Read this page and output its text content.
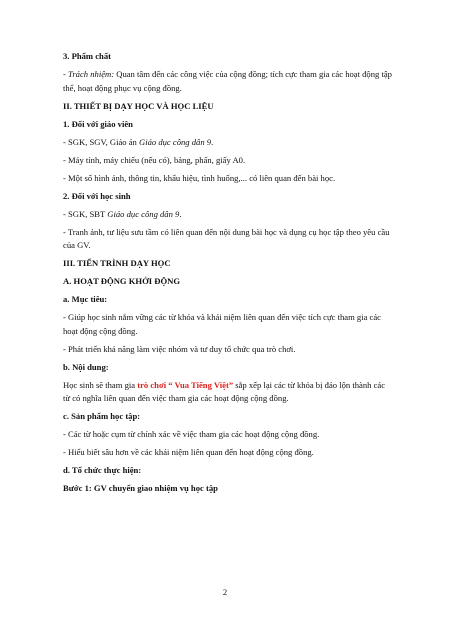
3. Phẩm chất

- Trách nhiệm: Quan tâm đến các công việc của cộng đồng; tích cực tham gia các hoạt động tập thể, hoạt động phục vụ cộng đồng.

II. THIẾT BỊ DẠY HỌC VÀ HỌC LIỆU

1. Đối với giáo viên

- SGK, SGV, Giáo án Giáo dục công dân 9.

- Máy tính, máy chiếu (nếu có), bảng, phấn, giấy A0.

- Một số hình ảnh, thông tin, khẩu hiệu, tình huống,... có liên quan đến bài học.

2. Đối với học sinh

- SGK, SBT Giáo dục công dân 9.

- Tranh ảnh, tư liệu sưu tầm có liên quan đến nội dung bài học và dụng cụ học tập theo yêu cầu của GV.

III. TIẾN TRÌNH DẠY HỌC

A. HOẠT ĐỘNG KHỞI ĐỘNG

a. Mục tiêu:

- Giúp học sinh nắm vững các từ khóa và khái niệm liên quan đến việc tích cực tham gia các hoạt động cộng đồng.

- Phát triển khả năng làm việc nhóm và tư duy tổ chức qua trò chơi.

b. Nội dung:

Học sinh sẽ tham gia trò chơi “ Vua Tiếng Việt” sắp xếp lại các từ khóa bị đảo lộn thành các từ có nghĩa liên quan đến việc tham gia các hoạt động cộng đồng.

c. Sản phẩm học tập:

- Các từ hoặc cụm từ chính xác về việc tham gia các hoạt động cộng đồng.

- Hiểu biết sâu hơn về các khái niệm liên quan đến hoạt động cộng đồng.

d. Tổ chức thực hiện:

Bước 1: GV chuyển giao nhiệm vụ học tập

2
